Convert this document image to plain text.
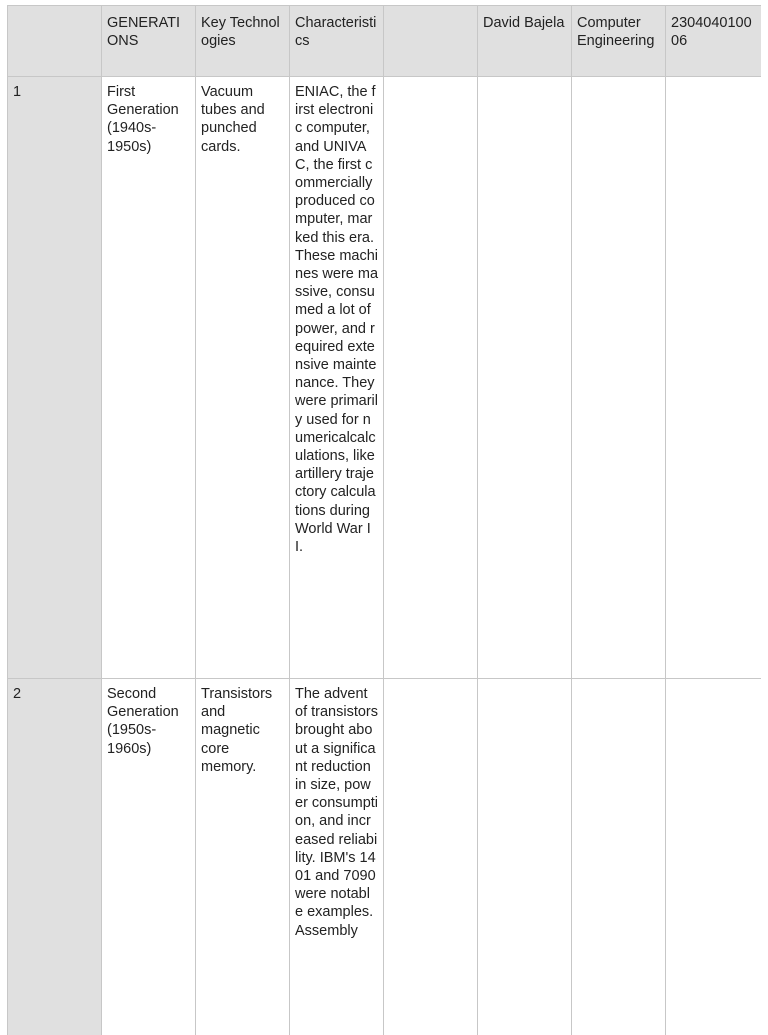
	GENERATIONS	Key Technologies	Characteristics		David Bajela	Computer Engineering	230404010006
1	First Generation (1940s-1950s)	Vacuum tubes and punched cards.	ENIAC, the first electronic computer, and UNIVAC, the first commercially produced computer, marked this era. These machines were massive, consumed a lot of power, and required extensive maintenance. They were primarily used for numericalcalculations, like artillery trajectory calculations during World War II.				
2	Second Generation (1950s-1960s)	Transistors and magnetic core memory.	The advent of transistors brought about a significant reduction in size, power consumption, and increased reliability. IBM's 1401 and 7090 were notable examples. Assembly				
